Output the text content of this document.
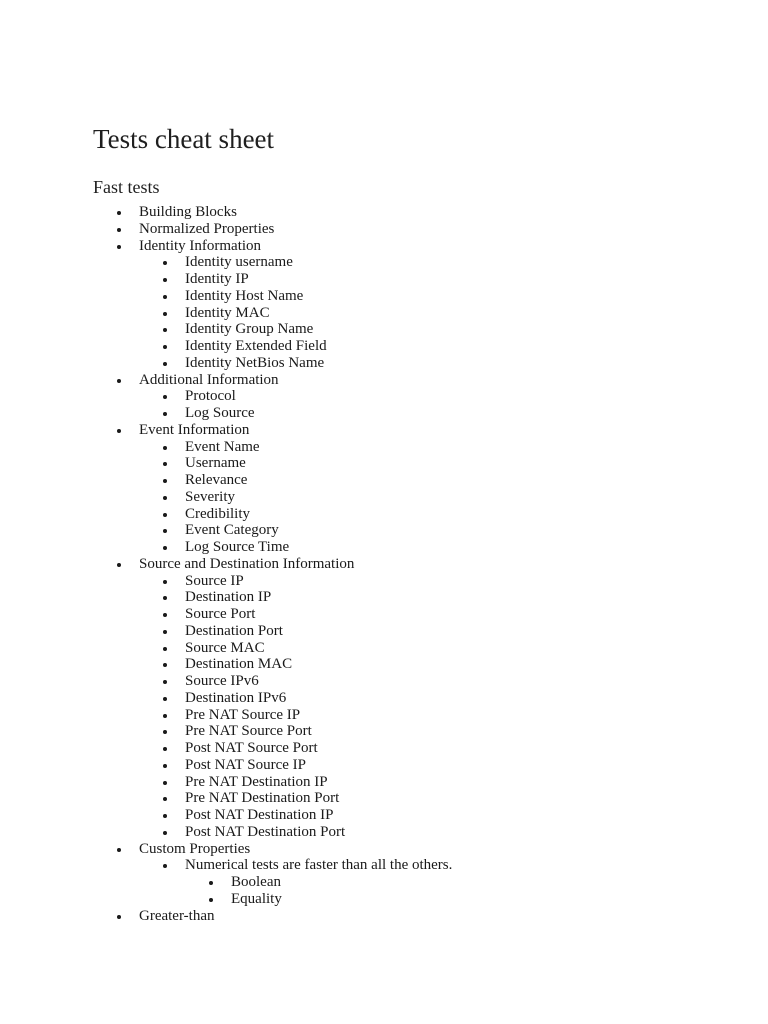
Tests cheat sheet
Fast tests
Building Blocks
Normalized Properties
Identity Information
Identity username
Identity IP
Identity Host Name
Identity MAC
Identity Group Name
Identity Extended Field
Identity NetBios Name
Additional Information
Protocol
Log Source
Event Information
Event Name
Username
Relevance
Severity
Credibility
Event Category
Log Source Time
Source and Destination Information
Source IP
Destination IP
Source Port
Destination Port
Source MAC
Destination MAC
Source IPv6
Destination IPv6
Pre NAT Source IP
Pre NAT Source Port
Post NAT Source Port
Post NAT Source IP
Pre NAT Destination IP
Pre NAT Destination Port
Post NAT Destination IP
Post NAT Destination Port
Custom Properties
Numerical tests are faster than all the others.
Boolean
Equality
Greater-than
